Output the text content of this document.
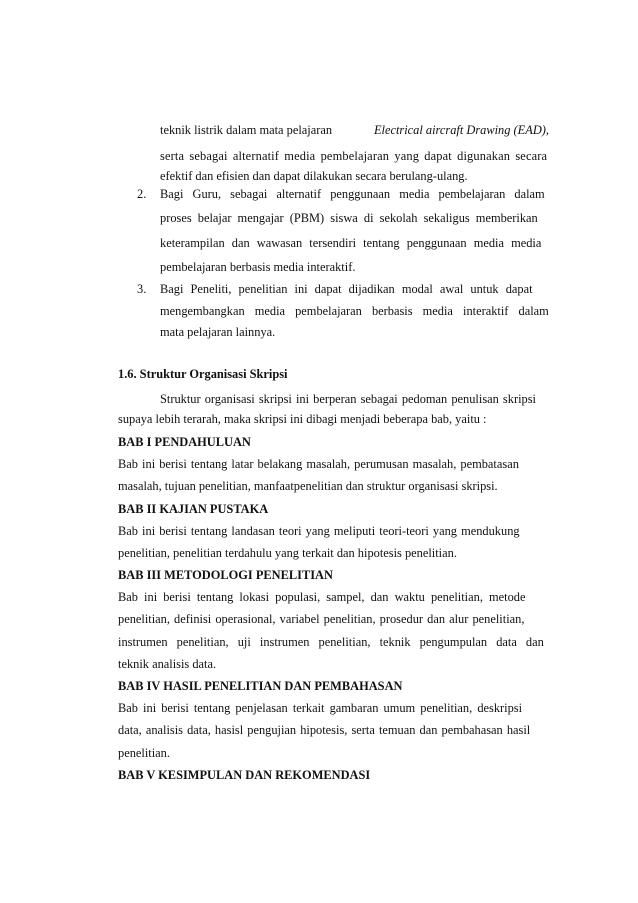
teknik listrik dalam mata pelajaran	Electrical aircraft Drawing (EAD),
serta sebagai alternatif media pembelajaran yang dapat digunakan secara
efektif dan efisien dan dapat dilakukan secara berulang-ulang.
2. Bagi Guru, sebagai alternatif penggunaan media pembelajaran dalam
proses belajar mengajar (PBM) siswa di sekolah sekaligus memberikan
keterampilan dan wawasan tersendiri tentang penggunaan media media
pembelajaran berbasis media interaktif.
3. Bagi Peneliti, penelitian ini dapat dijadikan modal awal untuk dapat
mengembangkan media pembelajaran berbasis media interaktif dalam
mata pelajaran lainnya.
1.6. Struktur Organisasi Skripsi
Struktur organisasi skripsi ini berperan sebagai pedoman penulisan skripsi
supaya lebih terarah, maka skripsi ini dibagi menjadi beberapa bab, yaitu :
BAB I PENDAHULUAN
Bab ini berisi tentang latar belakang masalah, perumusan masalah, pembatasan
masalah, tujuan penelitian, manfaatpenelitian dan struktur organisasi skripsi.
BAB II KAJIAN PUSTAKA
Bab ini berisi tentang landasan teori yang meliputi teori-teori yang mendukung
penelitian, penelitian terdahulu yang terkait dan hipotesis penelitian.
BAB III METODOLOGI PENELITIAN
Bab ini berisi tentang lokasi populasi, sampel, dan waktu penelitian, metode
penelitian, definisi operasional, variabel penelitian, prosedur dan alur penelitian,
instrumen penelitian, uji instrumen penelitian, teknik pengumpulan data dan
teknik analisis data.
BAB IV HASIL PENELITIAN DAN PEMBAHASAN
Bab ini berisi tentang penjelasan terkait gambaran umum penelitian, deskripsi
data, analisis data, hasisl pengujian hipotesis, serta temuan dan pembahasan hasil
penelitian.
BAB V KESIMPULAN DAN REKOMENDASI
